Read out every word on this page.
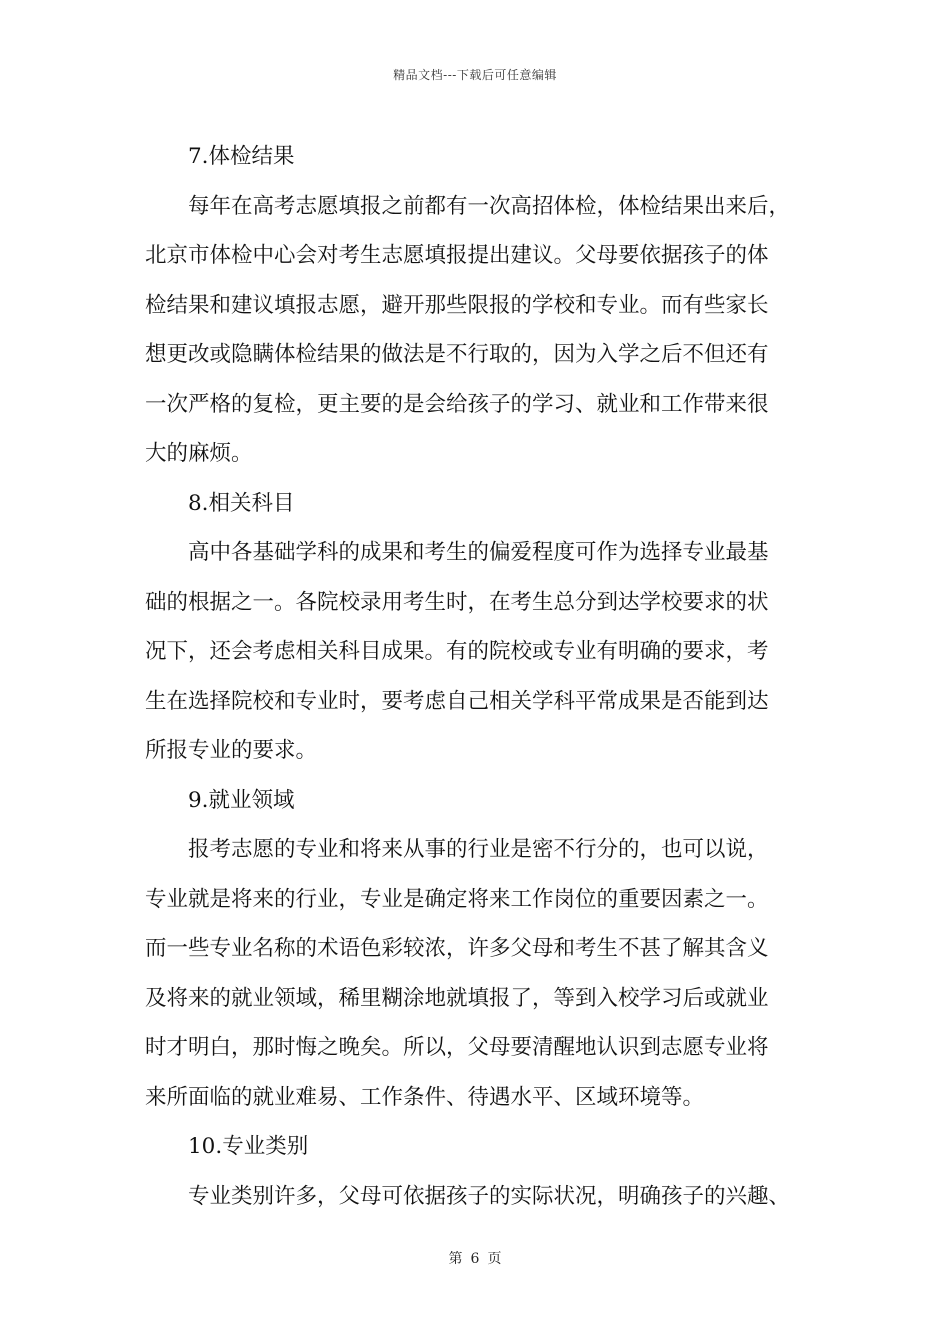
精品文档---下载后可任意编辑

7.体检结果

每年在高考志愿填报之前都有一次高招体检，体检结果出来后，
北京市体检中心会对考生志愿填报提出建议。父母要依据孩子的体
检结果和建议填报志愿，避开那些限报的学校和专业。而有些家长
想更改或隐瞒体检结果的做法是不行取的，因为入学之后不但还有
一次严格的复检，更主要的是会给孩子的学习、就业和工作带来很
大的麻烦。

8.相关科目

高中各基础学科的成果和考生的偏爱程度可作为选择专业最基
础的根据之一。各院校录用考生时，在考生总分到达学校要求的状
况下，还会考虑相关科目成果。有的院校或专业有明确的要求，考
生在选择院校和专业时，要考虑自己相关学科平常成果是否能到达
所报专业的要求。

9.就业领域

报考志愿的专业和将来从事的行业是密不行分的，也可以说，
专业就是将来的行业，专业是确定将来工作岗位的重要因素之一。
而一些专业名称的术语色彩较浓，许多父母和考生不甚了解其含义
及将来的就业领域，稀里糊涂地就填报了，等到入校学习后或就业
时才明白，那时悔之晚矣。所以，父母要清醒地认识到志愿专业将
来所面临的就业难易、工作条件、待遇水平、区域环境等。

10.专业类别

专业类别许多，父母可依据孩子的实际状况，明确孩子的兴趣、

第 6 页
